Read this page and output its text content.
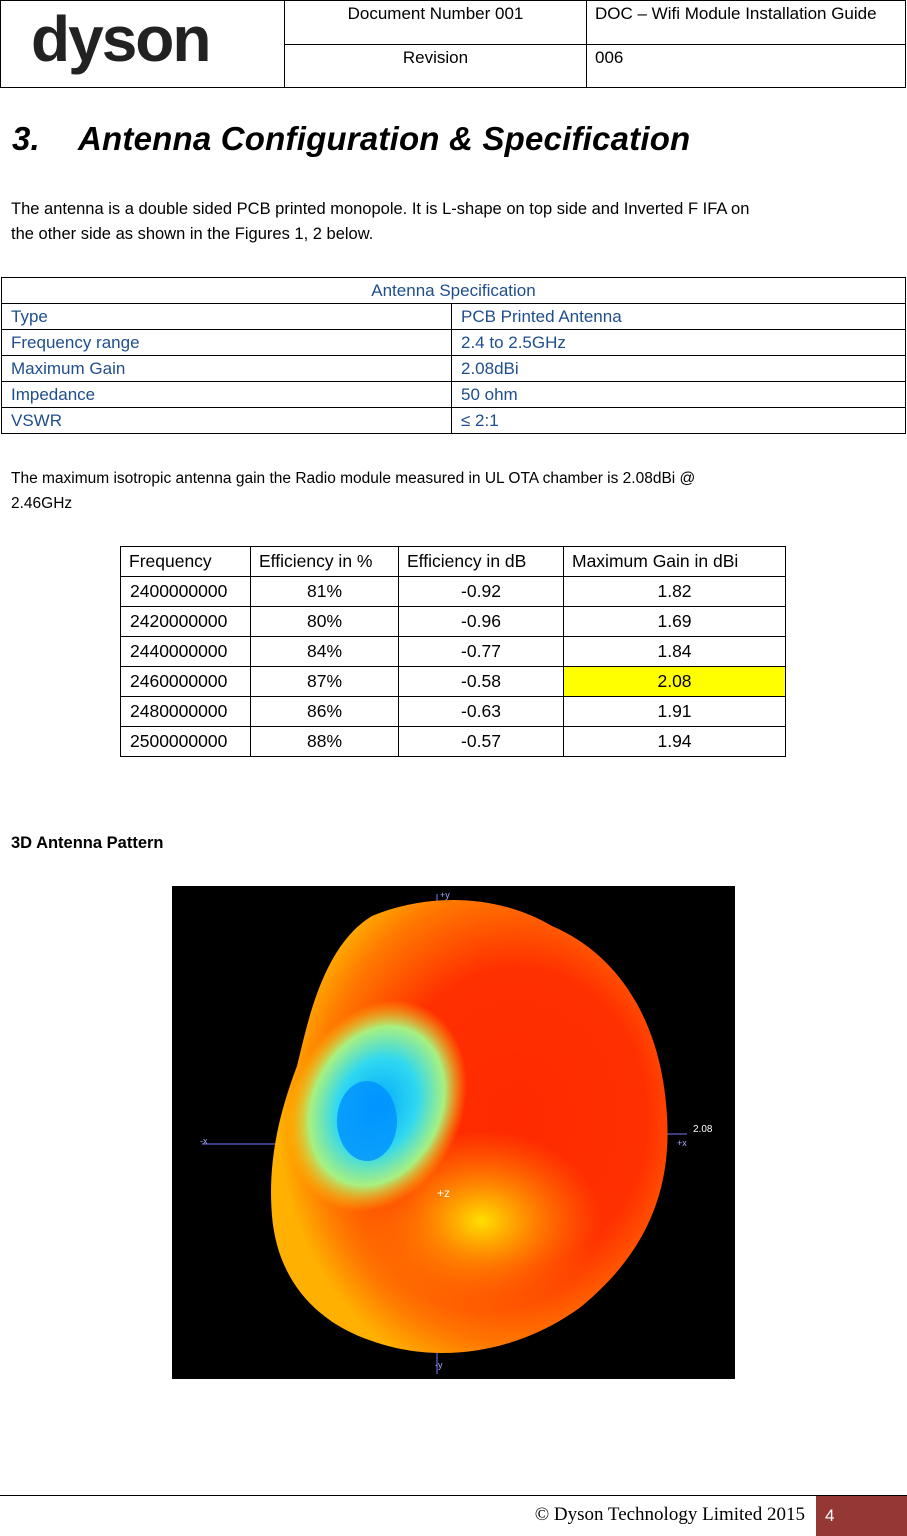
dyson	Document Number 001	DOC – Wifi Module Installation Guide
	Revision	006
3. Antenna Configuration & Specification

The antenna is a double sided PCB printed monopole. It is L-shape on top side and Inverted F IFA on
the other side as shown in the Figures 1, 2 below.

Antenna Specification	
Type	PCB Printed Antenna
Frequency range	2.4 to 2.5GHz
Maximum Gain	2.08dBi
Impedance	50 ohm
VSWR	≤ 2:1

The maximum isotropic antenna gain the Radio module measured in UL OTA chamber is 2.08dBi @
2.46GHz

Frequency	Efficiency in %	Efficiency in dB	Maximum Gain in dBi
2400000000	81%	-0.92	1.82
2420000000	80%	-0.96	1.69
2440000000	84%	-0.77	1.84
2460000000	87%	-0.58	2.08
2480000000	86%	-0.63	1.91
2500000000	88%	-0.57	1.94

3D Antenna Pattern

+y
-y
-x	+x
+z
2.08
© Dyson Technology Limited 2015	4
